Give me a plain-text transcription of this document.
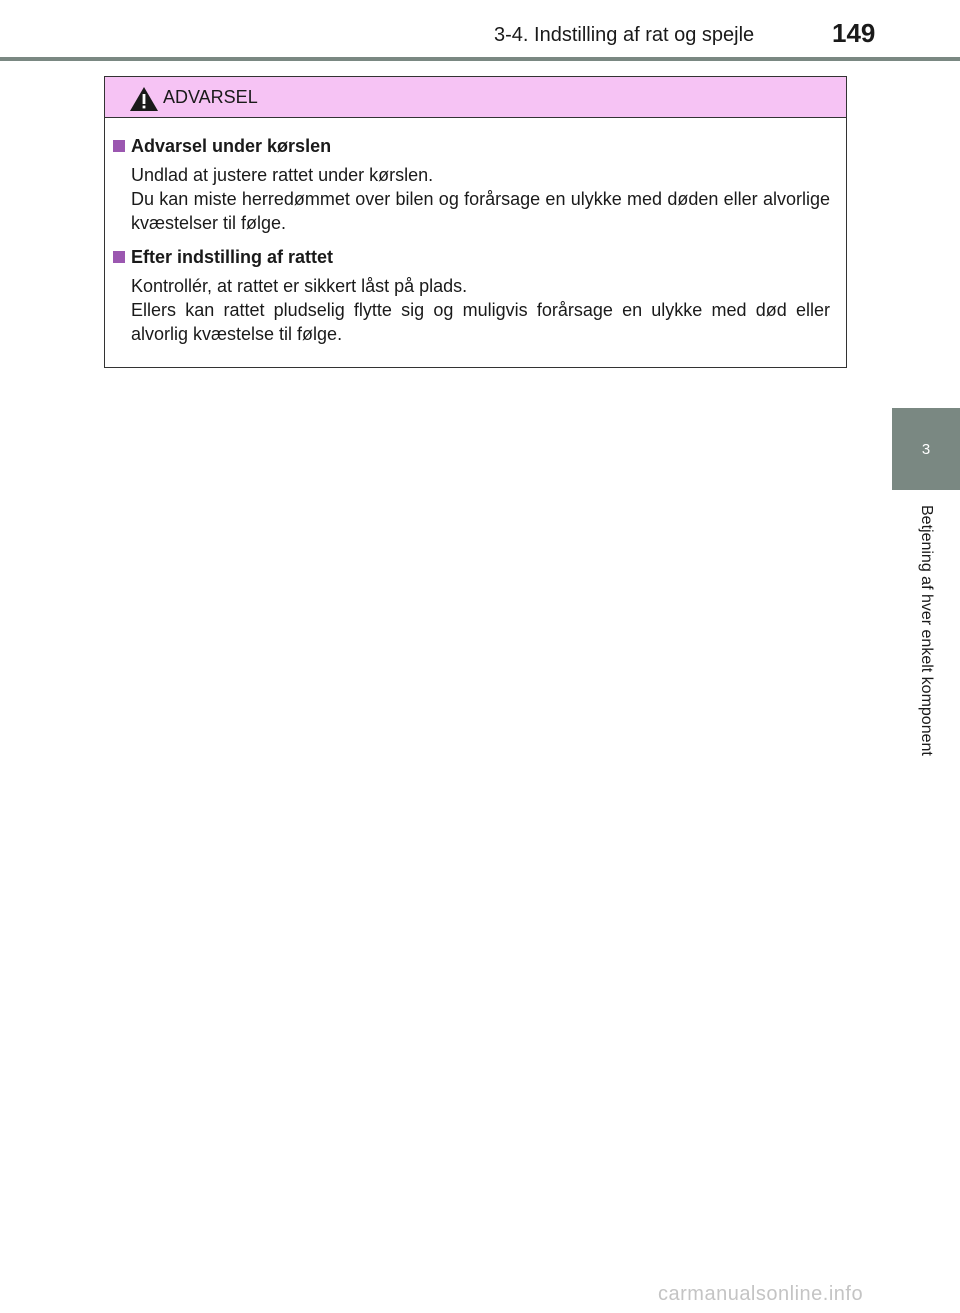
3-4. Indstilling af rat og spejle	149
3
Betjening af hver enkelt komponent
ADVARSEL
Advarsel under kørslen

Undlad at justere rattet under kørslen.

Du kan miste herredømmet over bilen og forårsage en ulykke med døden eller alvorlige kvæstelser til følge.

Efter indstilling af rattet

Kontrollér, at rattet er sikkert låst på plads.

Ellers kan rattet pludselig flytte sig og muligvis forårsage en ulykke med død eller alvorlig kvæstelse til følge.

carmanualsonline.info
